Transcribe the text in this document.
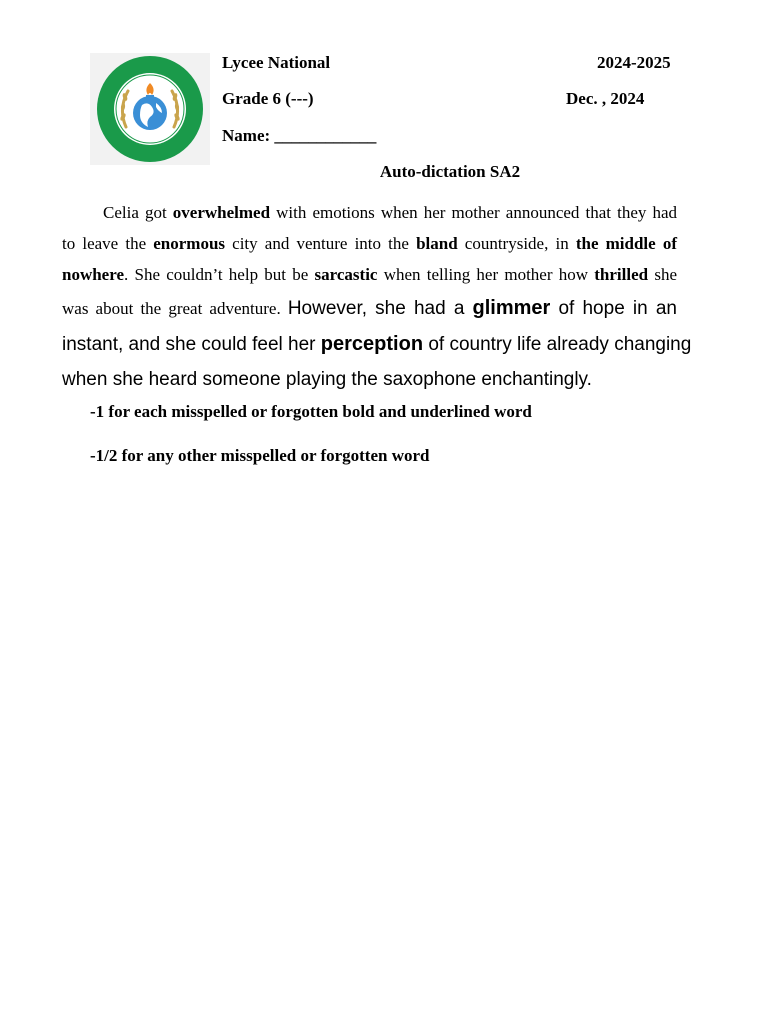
Lycee National	2024-2025
Grade 6 (---)	Dec. , 2024
Name: ____________
Auto-dictation SA2
Celia got overwhelmed with emotions when her mother announced that they had
to leave the enormous city and venture into the bland countryside, in the middle of
nowhere. She couldn’t help but be sarcastic when telling her mother how thrilled she
was about the great adventure. However, she had a glimmer of hope in an
instant, and she could feel her perception of country life already changing
when she heard someone playing the saxophone enchantingly.
-1 for each misspelled or forgotten bold and underlined word
-1/2 for any other misspelled or forgotten word
